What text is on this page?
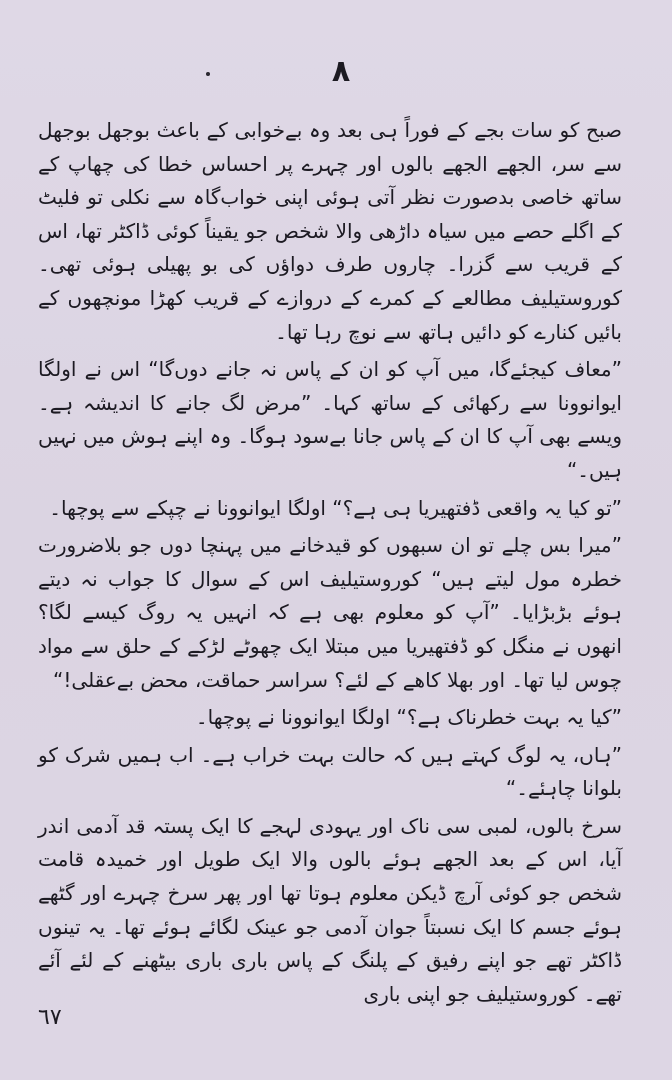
٨

صبح کو سات بجے کے فوراً ہی بعد وہ بےخوابی کے باعث بوجھل بوجھل سے سر، الجھے الجھے بالوں اور چہرے پر احساس خطا کی چھاپ کے ساتھ خاصی بدصورت نظر آتی ہوئی اپنی خواب‌گاہ سے نکلی تو فلیٹ کے اگلے حصے میں سیاہ داڑھی والا شخص جو یقیناً کوئی ڈاکٹر تھا، اس کے قریب سے گزرا۔ چاروں طرف دواؤں کی بو پھیلی ہوئی تھی۔ کوروستیلیف مطالعے کے کمرے کے دروازے کے قریب کھڑا مونچھوں کے بائیں کنارے کو دائیں ہاتھ سے نوچ رہا تھا۔

”معاف کیجئےگا، میں آپ کو ان کے پاس نہ جانے دوں‌گا“ اس نے اولگا ایوانوونا سے رکھائی کے ساتھ کہا۔ ”مرض لگ جانے کا اندیشہ ہے۔ ویسے بھی آپ کا ان کے پاس جانا بےسود ہوگا۔ وہ اپنے ہوش میں نہیں ہیں۔“

”تو کیا یہ واقعی ڈفتھیریا ہی ہے؟“ اولگا ایوانوونا نے چپکے سے پوچھا۔

”میرا بس چلے تو ان سبھوں کو قیدخانے میں پہنچا دوں جو بلاضرورت خطرہ مول لیتے ہیں“ کوروستیلیف اس کے سوال کا جواب نہ دیتے ہوئے بڑبڑایا۔ ”آپ کو معلوم بھی ہے کہ انہیں یہ روگ کیسے لگا؟ انھوں نے منگل کو ڈفتھیریا میں مبتلا ایک چھوٹے لڑکے کے حلق سے مواد چوس لیا تھا۔ اور بھلا کاھے کے لئے؟ سراسر حماقت، محض بےعقلی!“

”کیا یہ بہت خطرناک ہے؟“ اولگا ایوانوونا نے پوچھا۔

”ہاں، یہ لوگ کہتے ہیں کہ حالت بہت خراب ہے۔ اب ہمیں شرک کو بلوانا چاہئے۔“

سرخ بالوں، لمبی سی ناک اور یہودی لہجے کا ایک پستہ قد آدمی اندر آیا، اس کے بعد الجھے ہوئے بالوں والا ایک طویل اور خمیدہ قامت شخص جو کوئی آرچ ڈیکن معلوم ہوتا تھا اور پھر سرخ چہرے اور گٹھے ہوئے جسم کا ایک نسبتاً جوان آدمی جو عینک لگائے ہوئے تھا۔ یہ تینوں ڈاکٹر تھے جو اپنے رفیق کے پلنگ کے پاس باری باری بیٹھنے کے لئے آئے تھے۔ کوروستیلیف جو اپنی باری

٦٧
